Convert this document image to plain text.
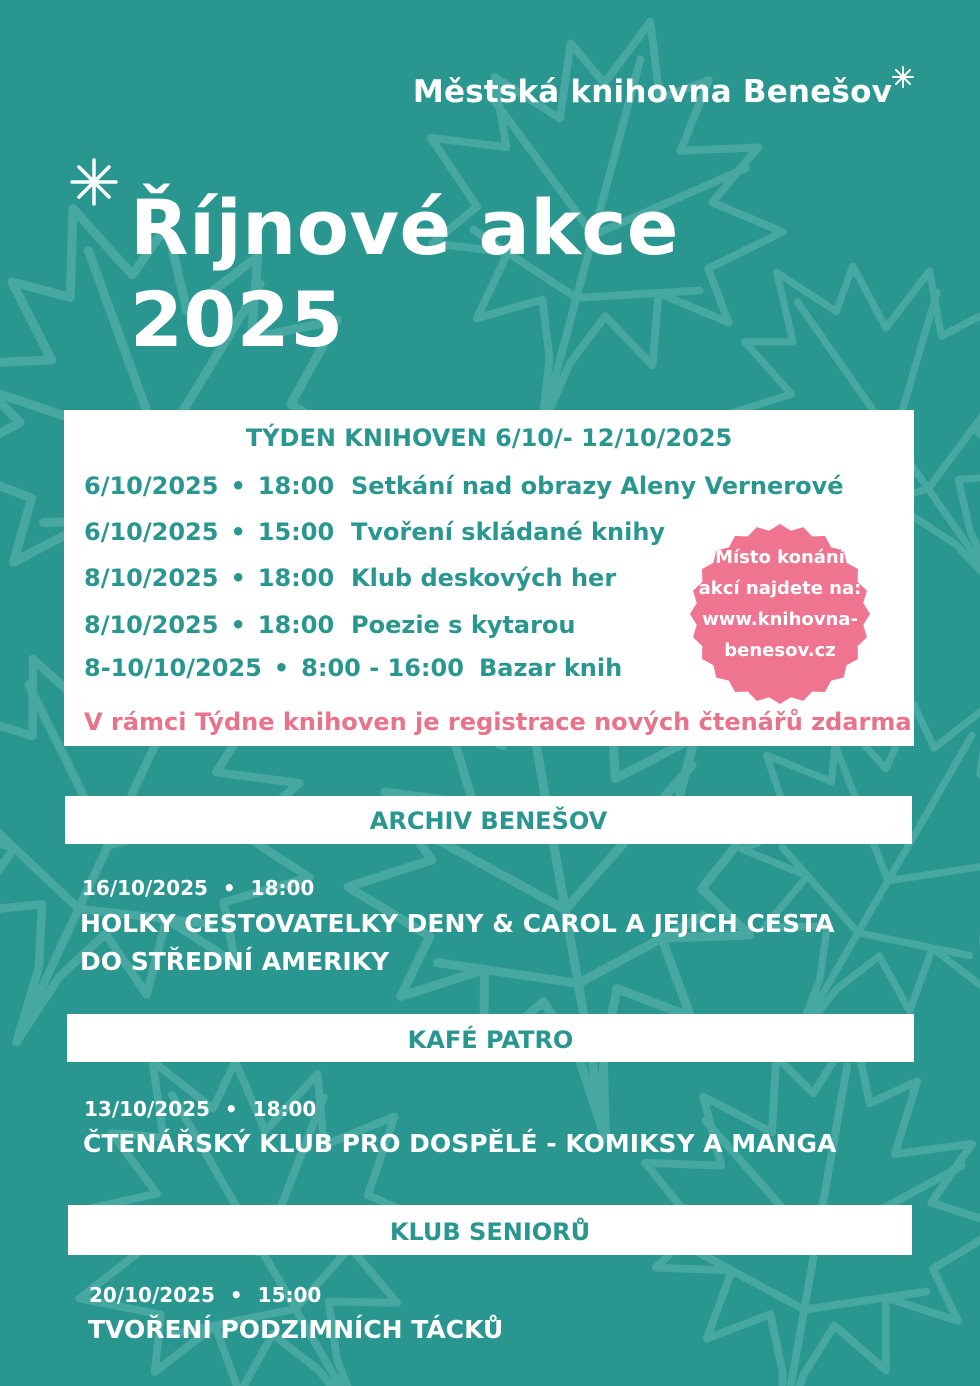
Městská knihovna Benešov
Říjnové akce
2025
TÝDEN KNIHOVEN 6/10/- 12/10/2025
6/10/2025 • 18:00 Setkání nad obrazy Aleny Vernerové
6/10/2025 • 15:00 Tvoření skládané knihy
8/10/2025 • 18:00 Klub deskových her
8/10/2025 • 18:00 Poezie s kytarou
8-10/10/2025 • 8:00 - 16:00 Bazar knih
V rámci Týdne knihoven je registrace nových čtenářů zdarma
Místo konání
akcí najdete na:
www.knihovna-
benesov.cz
ARCHIV BENEŠOV
16/10/2025 • 18:00
HOLKY CESTOVATELKY DENY & CAROL A JEJICH CESTA
DO STŘEDNÍ AMERIKY
KAFÉ PATRO
13/10/2025 • 18:00
ČTENÁŘSKÝ KLUB PRO DOSPĚLÉ - KOMIKSY A MANGA
KLUB SENIORŮ
20/10/2025 • 15:00
TVOŘENÍ PODZIMNÍCH TÁCKŮ
